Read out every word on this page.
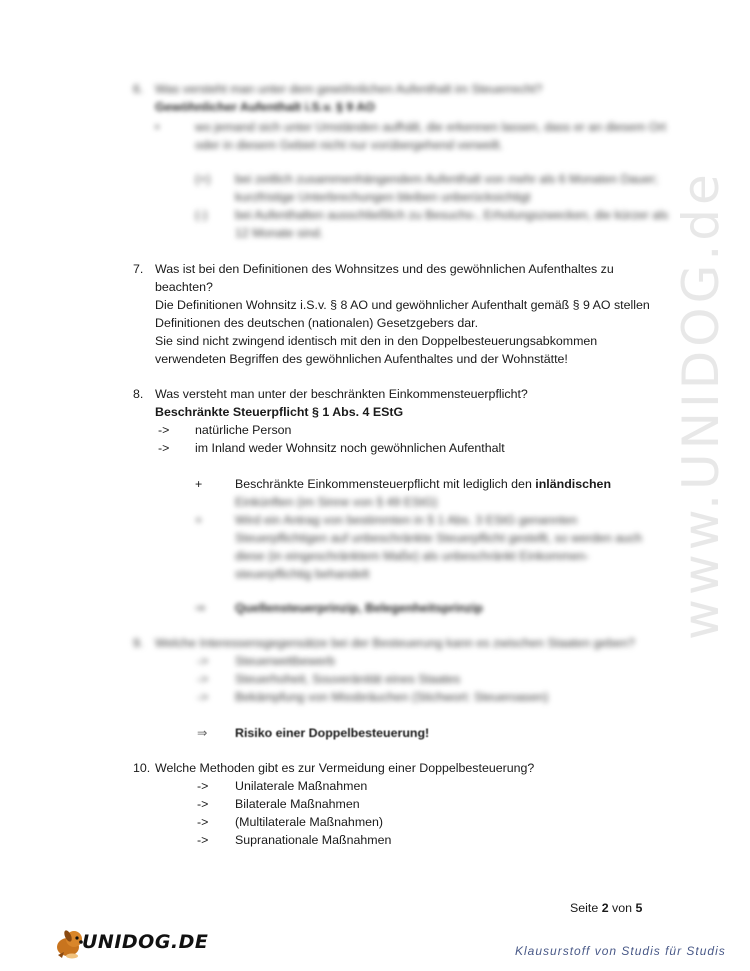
www.UNIDOG.de
6. Was versteht man unter dem gewöhnlichen Aufenthalt im Steuerrecht?
Gewöhnlicher Aufenthalt i.S.v. § 9 AO
•	wo jemand sich unter Umständen aufhält, die erkennen lassen, dass er an diesem Ort
oder in diesem Gebiet nicht nur vorübergehend verweilt.
(+) bei zeitlich zusammenhängendem Aufenthalt von mehr als 6 Monaten Dauer;
kurzfristige Unterbrechungen bleiben unberücksichtigt
(-) bei Aufenthalten ausschließlich zu Besuchs-, Erholungszwecken, die kürzer als
12 Monate sind.
7. Was ist bei den Definitionen des Wohnsitzes und des gewöhnlichen Aufenthaltes zu
beachten?
Die Definitionen Wohnsitz i.S.v. § 8 AO und gewöhnlicher Aufenthalt gemäß § 9 AO stellen
Definitionen des deutschen (nationalen) Gesetzgebers dar.
Sie sind nicht zwingend identisch mit den in den Doppelbesteuerungsabkommen
verwendeten Begriffen des gewöhnlichen Aufenthaltes und der Wohnstätte!
8. Was versteht man unter der beschränkten Einkommensteuerpflicht?
Beschränkte Steuerpflicht § 1 Abs. 4 EStG
-> natürliche Person
-> im Inland weder Wohnsitz noch gewöhnlichen Aufenthalt
+	Beschränkte Einkommensteuerpflicht mit lediglich den inländischen
Einkünften (im Sinne von § 49 EStG)
+	Wird ein Antrag von bestimmten in § 1 Abs. 3 EStG genannten
Steuerpflichtigen auf unbeschränkte Steuerpflicht gestellt, so werden auch
diese (in eingeschränktem Maße) als unbeschränkt Einkommen-
steuerpflichtig behandelt
⇒ Quellensteuerprinzip, Belegenheitsprinzip
9. Welche Interessensgegensätze bei der Besteuerung kann es zwischen Staaten geben?
-> Steuerwettbewerb
-> Steuerhoheit, Souveränität eines Staates
-> Bekämpfung von Missbräuchen (Stichwort: Steueroasen)
⇒ Risiko einer Doppelbesteuerung!
10. Welche Methoden gibt es zur Vermeidung einer Doppelbesteuerung?
-> Unilaterale Maßnahmen
-> Bilaterale Maßnahmen
-> (Multilaterale Maßnahmen)
-> Supranationale Maßnahmen
Seite 2 von 5
UNIDOG.DE	Klausurstoff von Studis für Studis
